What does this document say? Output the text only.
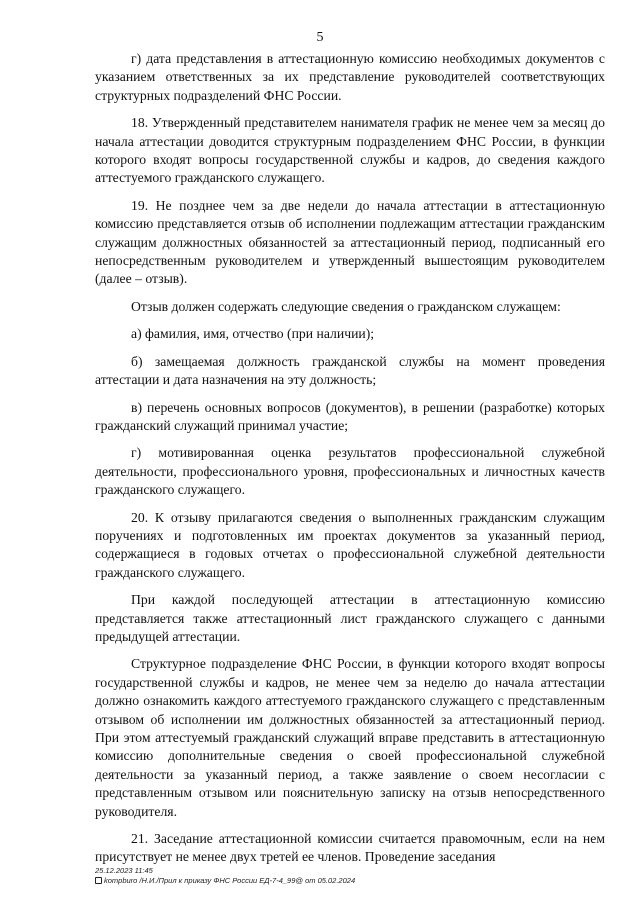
5

г) дата представления в аттестационную комиссию необходимых документов с указанием ответственных за их представление руководителей соответствующих структурных подразделений ФНС России.

18. Утвержденный представителем нанимателя график не менее чем за месяц до начала аттестации доводится структурным подразделением ФНС России, в функции которого входят вопросы государственной службы и кадров, до сведения каждого аттестуемого гражданского служащего.

19. Не позднее чем за две недели до начала аттестации в аттестационную комиссию представляется отзыв об исполнении подлежащим аттестации гражданским служащим должностных обязанностей за аттестационный период, подписанный его непосредственным руководителем и утвержденный вышестоящим руководителем (далее – отзыв).

Отзыв должен содержать следующие сведения о гражданском служащем:

а) фамилия, имя, отчество (при наличии);

б) замещаемая должность гражданской службы на момент проведения аттестации и дата назначения на эту должность;

в) перечень основных вопросов (документов), в решении (разработке) которых гражданский служащий принимал участие;

г) мотивированная оценка результатов профессиональной служебной деятельности, профессионального уровня, профессиональных и личностных качеств гражданского служащего.

20. К отзыву прилагаются сведения о выполненных гражданским служащим поручениях и подготовленных им проектах документов за указанный период, содержащиеся в годовых отчетах о профессиональной служебной деятельности гражданского служащего.

При каждой последующей аттестации в аттестационную комиссию представляется также аттестационный лист гражданского служащего с данными предыдущей аттестации.

Структурное подразделение ФНС России, в функции которого входят вопросы государственной службы и кадров, не менее чем за неделю до начала аттестации должно ознакомить каждого аттестуемого гражданского служащего с представленным отзывом об исполнении им должностных обязанностей за аттестационный период. При этом аттестуемый гражданский служащий вправе представить в аттестационную комиссию дополнительные сведения о своей профессиональной служебной деятельности за указанный период, а также заявление о своем несогласии с представленным отзывом или пояснительную записку на отзыв непосредственного руководителя.

21. Заседание аттестационной комиссии считается правомочным, если на нем присутствует не менее двух третей ее членов. Проведение заседания

25.12.2023 11:45
kompburo /Н.И./Прил к приказу ФНС России ЕД-7-4_99@ от 05.02.2024
